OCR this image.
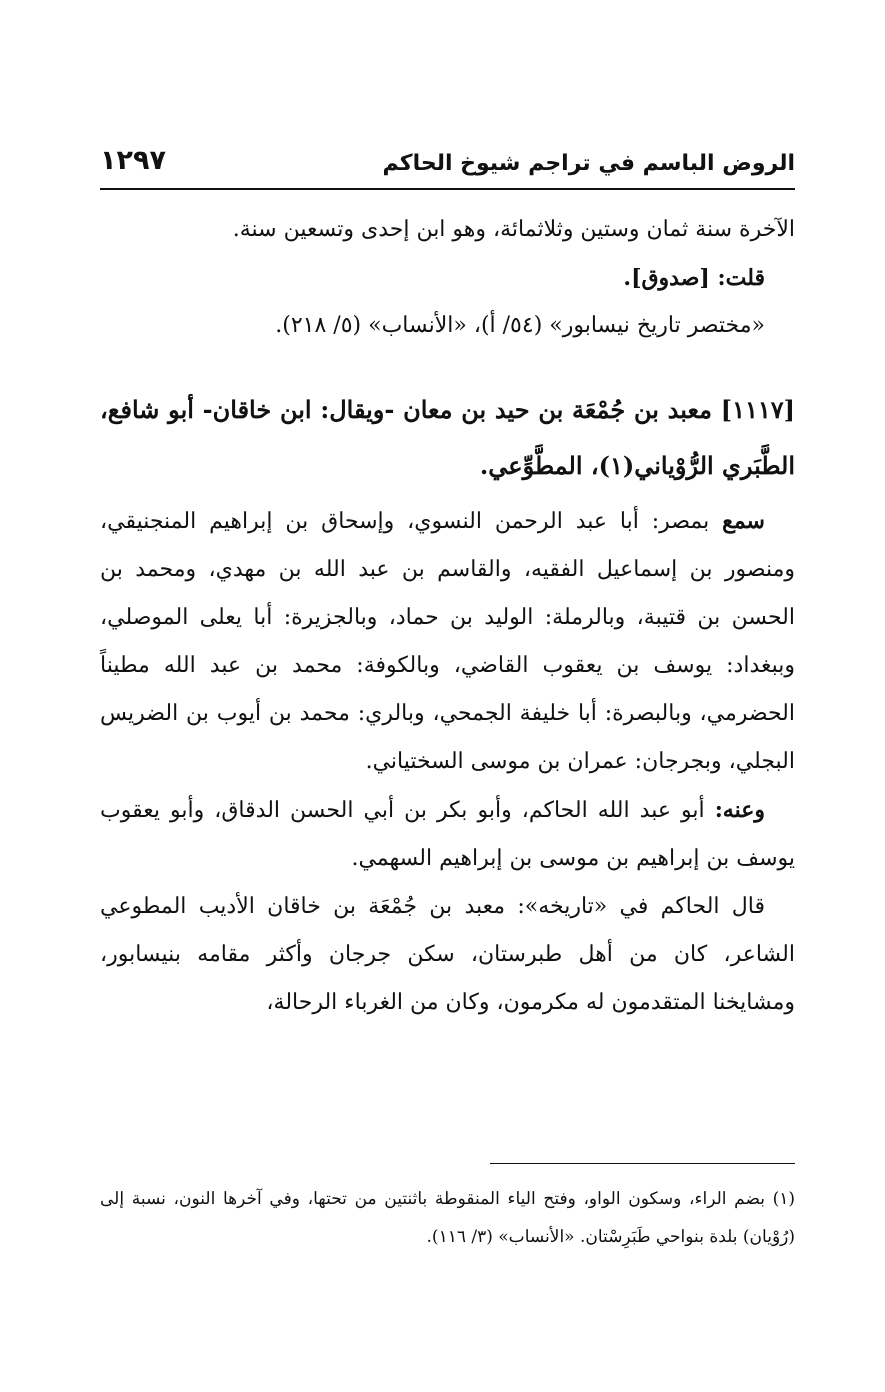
الروض الباسم في تراجم شيوخ الحاكم
١٢٩٧

الآخرة سنة ثمان وستين وثلاثمائة، وهو ابن إحدى وتسعين سنة.

قلت: [صدوق].

«مختصر تاريخ نيسابور» (٥٤/ أ)، «الأنساب» (٥/ ٢١٨).

[١١١٧] معبد بن جُمْعَة بن حيد بن معان -ويقال: ابن خاقان- أبو شافع، الطَّبَري الرُّوْياني(١)، المطَّوِّعي.

سمع بمصر: أبا عبد الرحمن النسوي، وإسحاق بن إبراهيم المنجنيقي، ومنصور بن إسماعيل الفقيه، والقاسم بن عبد الله بن مهدي، ومحمد بن الحسن بن قتيبة، وبالرملة: الوليد بن حماد، وبالجزيرة: أبا يعلى الموصلي، وببغداد: يوسف بن يعقوب القاضي، وبالكوفة: محمد بن عبد الله مطيناً الحضرمي، وبالبصرة: أبا خليفة الجمحي، وبالري: محمد بن أيوب بن الضريس البجلي، وبجرجان: عمران بن موسى السختياني.

وعنه: أبو عبد الله الحاكم، وأبو بكر بن أبي الحسن الدقاق، وأبو يعقوب يوسف بن إبراهيم بن موسى بن إبراهيم السهمي.

قال الحاكم في «تاريخه»: معبد بن جُمْعَة بن خاقان الأديب المطوعي الشاعر، كان من أهل طبرستان، سكن جرجان وأكثر مقامه بنيسابور، ومشايخنا المتقدمون له مكرمون، وكان من الغرباء الرحالة،

(١) بضم الراء، وسكون الواو، وفتح الياء المنقوطة باثنتين من تحتها، وفي آخرها النون، نسبة إلى (رُوْيان) بلدة بنواحي طَبَرِسْتان. «الأنساب» (٣/ ١١٦).
